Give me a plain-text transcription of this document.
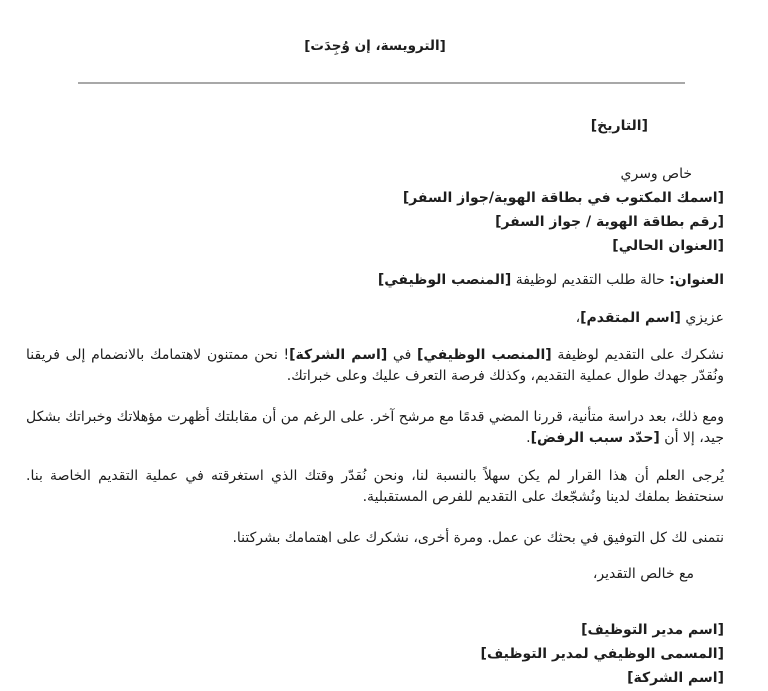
[الترويسة، إن وُجِدَت]
[التاريخ]
خاص وسري
[اسمك المكتوب في بطاقة الهوية/جواز السفر]
[رقم بطاقة الهوية / جواز السفر]
[العنوان الحالي]
العنوان: حالة طلب التقديم لوظيفة [المنصب الوظيفي]
عزيزي [اسم المتقدم]،
نشكرك على التقديم لوظيفة [المنصب الوظيفي] في [اسم الشركة]! نحن ممتنون لاهتمامك بالانضمام إلى فريقنا ونُقدّر جهدك طوال عملية التقديم، وكذلك فرصة التعرف عليك وعلى خبراتك.
ومع ذلك، بعد دراسة متأنية، قررنا المضي قدمًا مع مرشح آخر. على الرغم من أن مقابلتك أظهرت مؤهلاتك وخبراتك بشكل جيد، إلا أن [حدّد سبب الرفض].
يُرجى العلم أن هذا القرار لم يكن سهلاً بالنسبة لنا، ونحن نُقدّر وقتك الذي استغرقته في عملية التقديم الخاصة بنا. سنحتفظ بملفك لدينا ونُشجّعك على التقديم للفرص المستقبلية.
نتمنى لك كل التوفيق في بحثك عن عمل. ومرة أخرى، نشكرك على اهتمامك بشركتنا.
مع خالص التقدير،
[اسم مدير التوظيف]
[المسمى الوظيفي لمدير التوظيف]
[اسم الشركة]
